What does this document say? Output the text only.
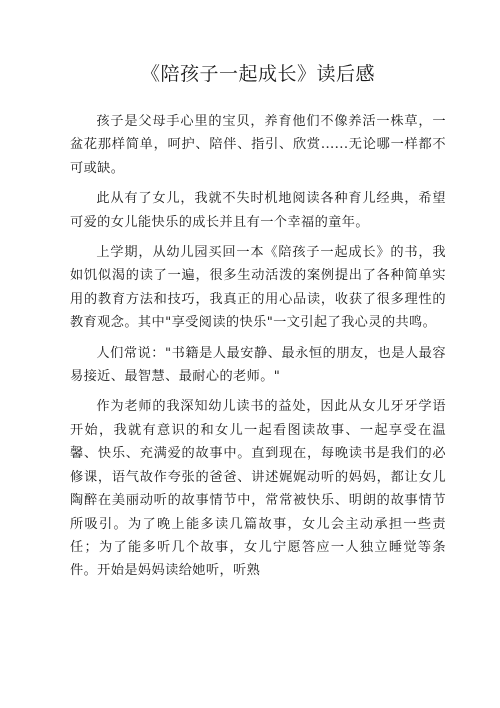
《陪孩子一起成长》读后感

孩子是父母手心里的宝贝，养育他们不像养活一株草，一盆花那样简单，呵护、陪伴、指引、欣赏......无论哪一样都不可或缺。

此从有了女儿，我就不失时机地阅读各种育儿经典，希望可爱的女儿能快乐的成长并且有一个幸福的童年。

上学期，从幼儿园买回一本《陪孩子一起成长》的书，我如饥似渴的读了一遍，很多生动活泼的案例提出了各种简单实用的教育方法和技巧，我真正的用心品读，收获了很多理性的教育观念。其中"享受阅读的快乐"一文引起了我心灵的共鸣。

人们常说："书籍是人最安静、最永恒的朋友，也是人最容易接近、最智慧、最耐心的老师。"

作为老师的我深知幼儿读书的益处，因此从女儿牙牙学语开始，我就有意识的和女儿一起看图读故事、一起享受在温馨、快乐、充满爱的故事中。直到现在，每晚读书是我们的必修课，语气故作夸张的爸爸、讲述娓娓动听的妈妈，都让女儿陶醉在美丽动听的故事情节中，常常被快乐、明朗的故事情节所吸引。为了晚上能多读几篇故事，女儿会主动承担一些责任；为了能多听几个故事，女儿宁愿答应一人独立睡觉等条件。开始是妈妈读给她听，听熟
